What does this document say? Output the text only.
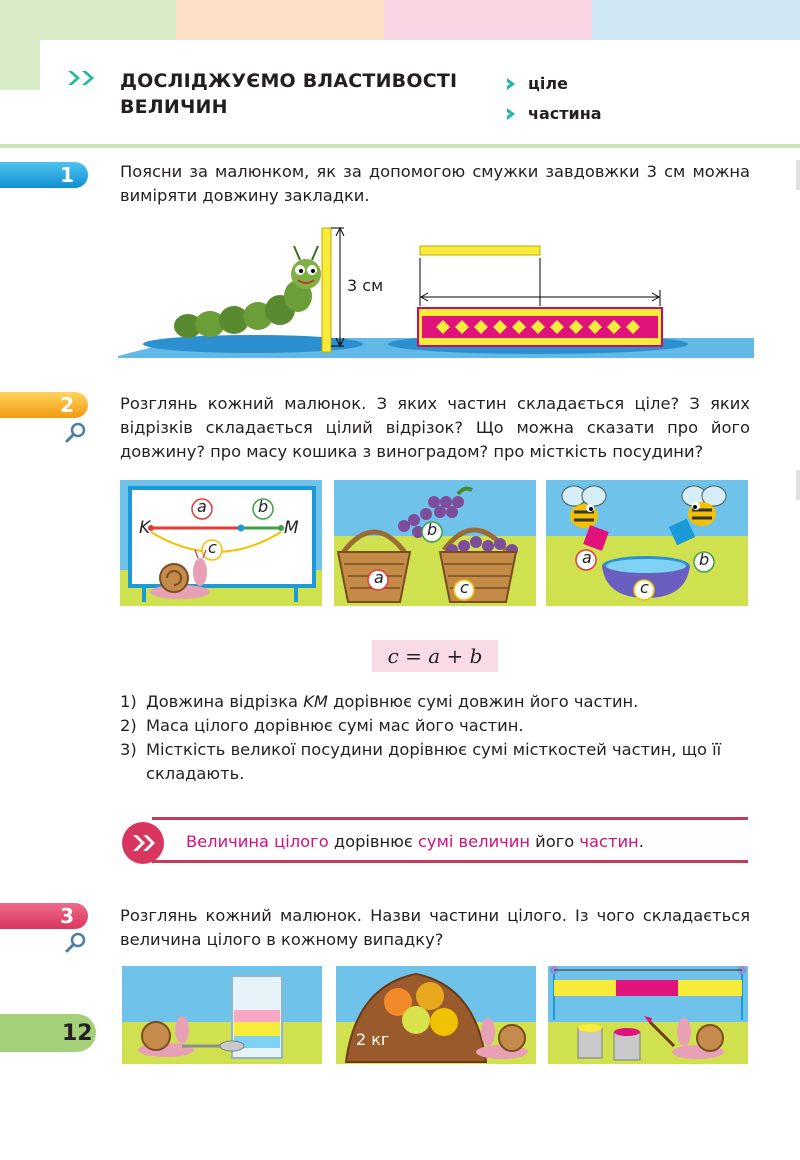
ДОСЛІДЖУЄМО ВЛАСТИВОСТІ
ВЕЛИЧИН
ціле
частина
1	Поясни за малюнком, як за допомогою смужки завдовжки 3 см можна виміряти довжину закладки.
3 см
2	Розглянь кожний малюнок. З яких частин складається ціле? З яких відрізків складається цілий відрізок? Що можна сказати про його довжину? про масу кошика з виноградом? про місткість посудини?
a	b
c
K	M	b
a
c
a	b
c
c = a + b
1) Довжина відрізка KM дорівнює сумі довжин його частин.
2) Маса цілого дорівнює сумі мас його частин.
3) Місткість великої посудини дорівнює сумі місткостей частин, що її складають.
Величина цілого дорівнює сумі величин його частин.
3	Розглянь кожний малюнок. Назви частини цілого. Із чого складається величина цілого в кожному випадку?
2 кг
12
